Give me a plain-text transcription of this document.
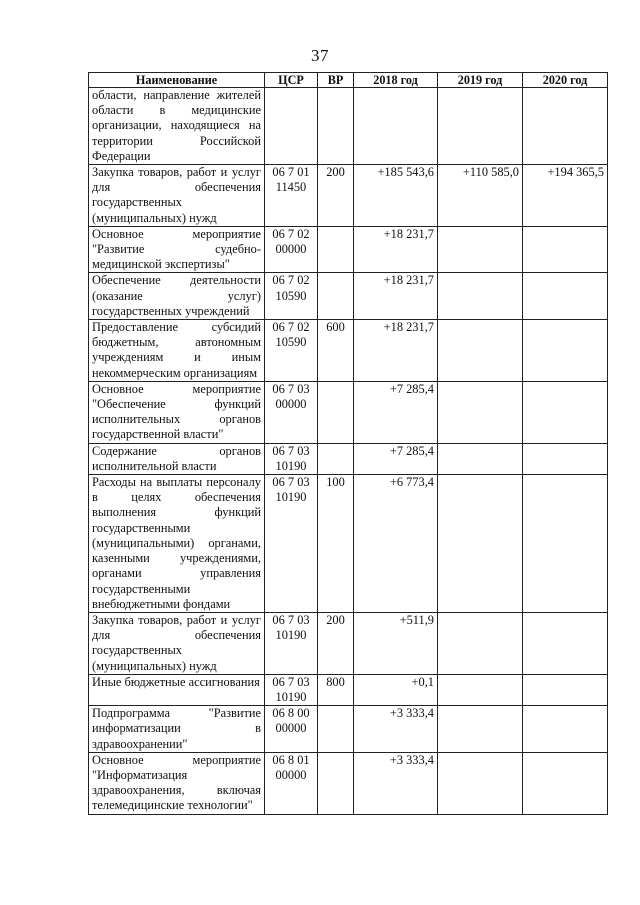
37
Наименование	ЦСР	ВР	2018 год	2019 год	2020 год
области, направление жителей области в медицинские организации, находящиеся на территории Российской Федерации					
Закупка товаров, работ и услуг для обеспечения государственных (муниципальных) нужд	06 7 01 11450	200	+185 543,6	+110 585,0	+194 365,5
Основное мероприятие "Развитие судебно-медицинской экспертизы"	06 7 02 00000		+18 231,7		
Обеспечение деятельности (оказание услуг) государственных учреждений	06 7 02 10590		+18 231,7		
Предоставление субсидий бюджетным, автономным учреждениям и иным некоммерческим организациям	06 7 02 10590	600	+18 231,7		
Основное мероприятие "Обеспечение функций исполнительных органов государственной власти"	06 7 03 00000		+7 285,4		
Содержание органов исполнительной власти	06 7 03 10190		+7 285,4		
Расходы на выплаты персоналу в целях обеспечения выполнения функций государственными (муниципальными) органами, казенными учреждениями, органами управления государственными внебюджетными фондами	06 7 03 10190	100	+6 773,4		
Закупка товаров, работ и услуг для обеспечения государственных (муниципальных) нужд	06 7 03 10190	200	+511,9		
Иные бюджетные ассигнования	06 7 03 10190	800	+0,1		
Подпрограмма "Развитие информатизации в здравоохранении"	06 8 00 00000		+3 333,4		
Основное мероприятие "Информатизация здравоохранения, включая телемедицинские технологии"	06 8 01 00000		+3 333,4		
